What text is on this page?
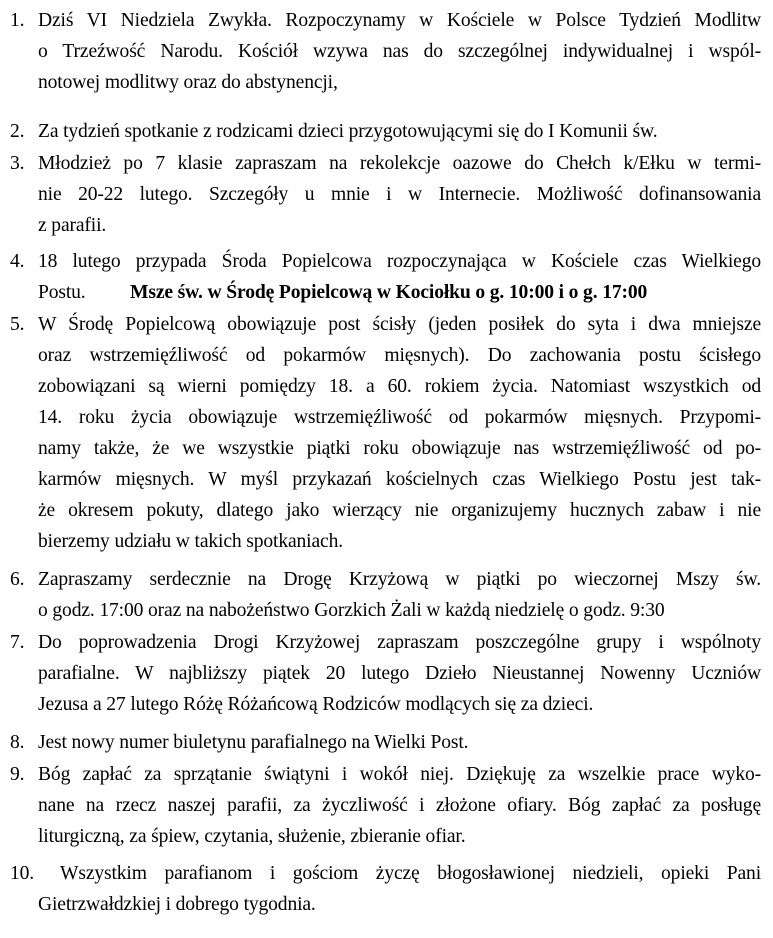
1. Dziś VI Niedziela Zwykła. Rozpoczynamy w Kościele w Polsce Tydzień Modlitw
o Trzeźwość Narodu. Kościół wzywa nas do szczególnej indywidualnej i wspól-
notowej modlitwy oraz do abstynencji,
2. Za tydzień spotkanie z rodzicami dzieci przygotowującymi się do I Komunii św.
3. Młodzież po 7 klasie zapraszam na rekolekcje oazowe do Chełch k/Ełku w termi-
nie 20-22 lutego. Szczegóły u mnie i w Internecie. Możliwość dofinansowania
z parafii.
4. 18 lutego przypada Środa Popielcowa rozpoczynająca w Kościele czas Wielkiego
Postu. Msze św. w Środę Popielcową w Kociołku o g. 10:00 i o g. 17:00
5. W Środę Popielcową obowiązuje post ścisły (jeden posiłek do syta i dwa mniejsze
oraz wstrzemięźliwość od pokarmów mięsnych). Do zachowania postu ścisłego
zobowiązani są wierni pomiędzy 18. a 60. rokiem życia. Natomiast wszystkich od
14. roku życia obowiązuje wstrzemięźliwość od pokarmów mięsnych. Przypomi-
namy także, że we wszystkie piątki roku obowiązuje nas wstrzemięźliwość od po-
karmów mięsnych. W myśl przykazań kościelnych czas Wielkiego Postu jest tak-
że okresem pokuty, dlatego jako wierzący nie organizujemy hucznych zabaw i nie
bierzemy udziału w takich spotkaniach.
6. Zapraszamy serdecznie na Drogę Krzyżową w piątki po wieczornej Mszy św.
o godz. 17:00 oraz na nabożeństwo Gorzkich Żali w każdą niedzielę o godz. 9:30
7. Do poprowadzenia Drogi Krzyżowej zapraszam poszczególne grupy i wspólnoty
parafialne. W najbliższy piątek 20 lutego Dzieło Nieustannej Nowenny Uczniów
Jezusa a 27 lutego Różę Różańcową Rodziców modlących się za dzieci.
8. Jest nowy numer biuletynu parafialnego na Wielki Post.
9. Bóg zapłać za sprzątanie świątyni i wokół niej. Dziękuję za wszelkie prace wyko-
nane na rzecz naszej parafii, za życzliwość i złożone ofiary. Bóg zapłać za posługę
liturgiczną, za śpiew, czytania, służenie, zbieranie ofiar.
10. Wszystkim parafianom i gościom życzę błogosławionej niedzieli, opieki Pani
Gietrzwałdzkiej i dobrego tygodnia.
